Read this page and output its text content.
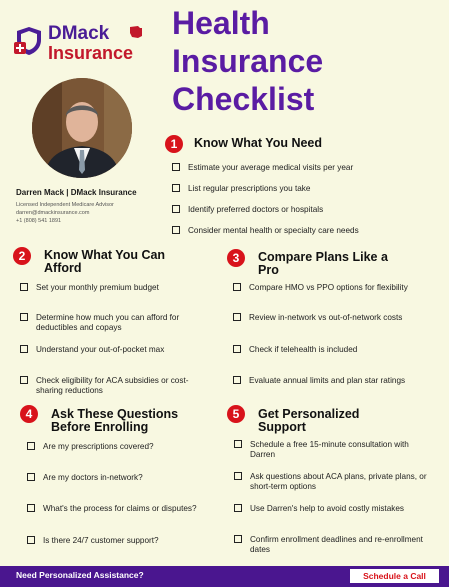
DMack
Insurance
Health
Insurance
Checklist
Darren Mack | DMack Insurance
Licensed Independent Medicare Advisor
darren@dmackinsurance.com
+1 (808) 541 1891
1	Know What You Need
Estimate your average medical visits per year
List regular prescriptions you take
Identify preferred doctors or hospitals
Consider mental health or specialty care needs
2	Know What You Can
Afford
Set your monthly premium budget
Determine how much you can afford for deductibles and copays
Understand your out-of-pocket max
Check eligibility for ACA subsidies or cost-sharing reductions
3	Compare Plans Like a
Pro
Compare HMO vs PPO options for flexibility
Review in-network vs out-of-network costs
Check if telehealth is included
Evaluate annual limits and plan star ratings
4	Ask These Questions
Before Enrolling
Are my prescriptions covered?
Are my doctors in-network?
What's the process for claims or disputes?
Is there 24/7 customer support?
5	Get Personalized
Support
Schedule a free 15-minute consultation with Darren
Ask questions about ACA plans, private plans, or short-term options
Use Darren's help to avoid costly mistakes
Confirm enrollment deadlines and re-enrollment dates
Need Personalized Assistance?	Schedule a Call
